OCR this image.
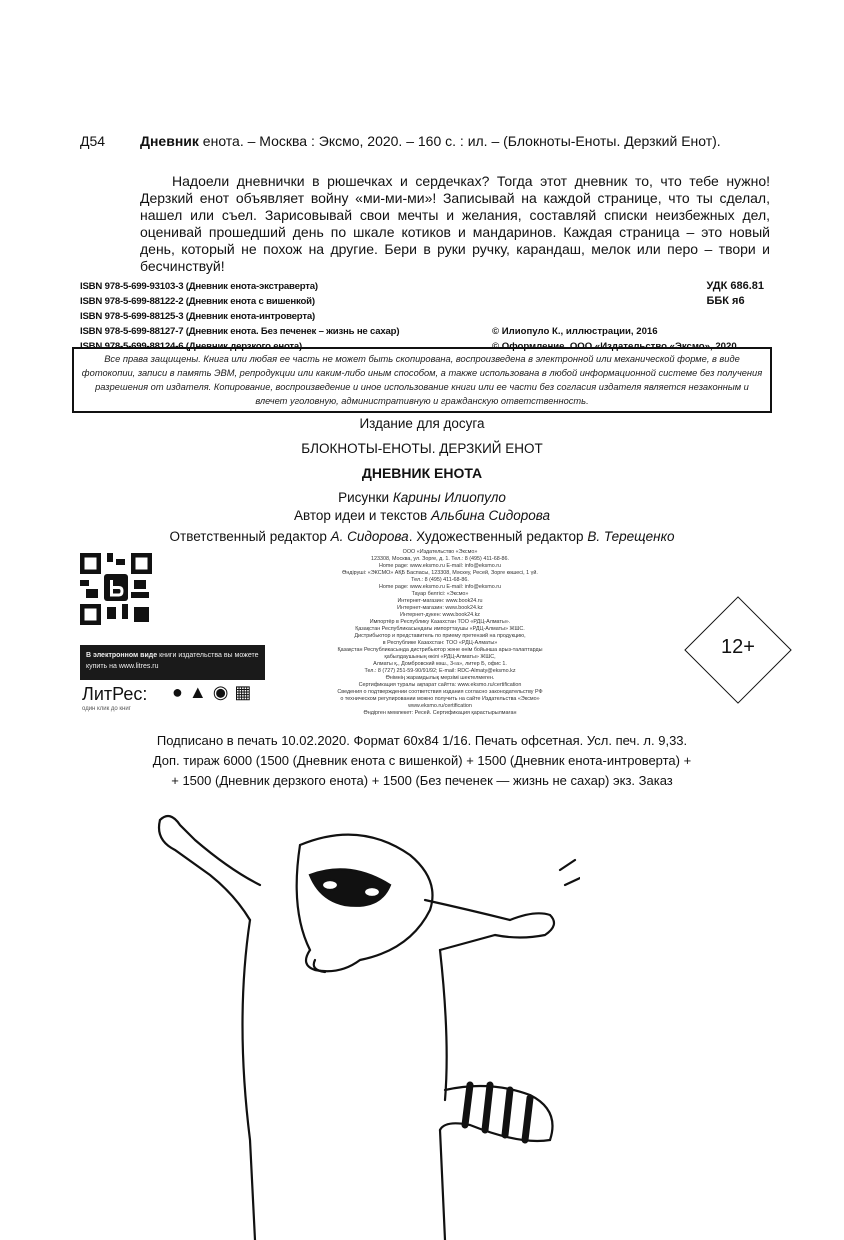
Д54 Дневник енота. – Москва : Эксмо, 2020. – 160 с. : ил. – (Блокноты-Еноты. Дерзкий Енот).
Надоели дневнички в рюшечках и сердечках? Тогда этот дневник то, что тебе нужно! Дерзкий енот объявляет войну «ми-ми-ми»! Записывай на каждой странице, что ты сделал, нашел или съел. Зарисовывай свои мечты и желания, составляй списки неизбежных дел, оценивай прошедший день по шкале котиков и мандаринов. Каждая страница – это новый день, который не похож на другие. Бери в руки ручку, карандаш, мелок или перо – твори и бесчинствуй!
ISBN 978-5-699-93103-3 (Дневник енота-экстраверта)
ISBN 978-5-699-88122-2 (Дневник енота с вишенкой)
ISBN 978-5-699-88125-3 (Дневник енота-интроверта)
ISBN 978-5-699-88127-7 (Дневник енота. Без печенек – жизнь не сахар)
ISBN 978-5-699-88124-6 (Дневник дерзкого енота)
УДК 686.81
ББК я6
© Илиопуло К., иллюстрации, 2016
© Оформление. ООО «Издательство «Эксмо», 2020
Все права защищены. Книга или любая ее часть не может быть скопирована, воспроизведена в электронной или механической форме, в виде фотокопии, записи в память ЭВМ, репродукции или каким-либо иным способом, а также использована в любой информационной системе без получения разрешения от издателя. Копирование, воспроизведение и иное использование книги или ее части без согласия издателя является незаконным и влечет уголовную, административную и гражданскую ответственность.
Издание для досуга
БЛОКНОТЫ-ЕНОТЫ. ДЕРЗКИЙ ЕНОТ
ДНЕВНИК ЕНОТА
Рисунки Карины Илиопуло
Автор идеи и текстов Альбина Сидорова
Ответственный редактор А. Сидорова. Художественный редактор В. Терещенко
В электронном виде книги издательства вы можете купить на www.litres.ru
ЛитРес:
один клик до книг
●▲◉▦
ООО «Издательство «Эксмо»
123308, Москва, ул. Зорге, д. 1. Тел.: 8 (495) 411-68-86.
Home page: www.eksmo.ru E-mail: info@eksmo.ru
Өндіруші: «ЭКСМО» АҚБ Баспасы, 123308, Мәскеу, Ресей, Зорге көшесі, 1 үй.
Тел.: 8 (495) 411-68-86.
Home page: www.eksmo.ru E-mail: info@eksmo.ru
Тауар белгісі: «Эксмо»
Интернет-магазин: www.book24.ru
Интернет-магазин: www.book24.kz
Интернет-дүкен: www.book24.kz
Импортёр в Республику Казахстан ТОО «РДЦ-Алматы».
Қазақстан Республикасындағы импорттаушы «РДЦ-Алматы» ЖШС.
Дистрибьютор и представитель по приему претензий на продукцию,
в Республике Казахстан: ТОО «РДЦ-Алматы»
Қазақстан Республикасында дистрибьютор және өнім бойынша арыз-талаптарды
қабылдаушының өкілі «РДЦ-Алматы» ЖШС,
Алматы қ., Домбровский көш., 3«а», литер Б, офис 1.
Тел.: 8 (727) 251-59-90/91/92; E-mail: RDC-Almaty@eksmo.kz
Өнімнің жарамдылық мерзімі шектелмеген.
Сертификация туралы ақпарат сайтта: www.eksmo.ru/certification
Сведения о подтверждении соответствия издания согласно законодательству РФ
о техническом регулировании можно получить на сайте Издательства «Эксмо»
www.eksmo.ru/certification
Өндірген мемлекет: Ресей. Сертификация қарастырылмаған
12+
Подписано в печать 10.02.2020. Формат 60x84 1/16. Печать офсетная. Усл. печ. л. 9,33.
Доп. тираж 6000 (1500 (Дневник енота с вишенкой) + 1500 (Дневник енота-интроверта) +
+ 1500 (Дневник дерзкого енота) + 1500 (Без печенек — жизнь не сахар) экз. Заказ
